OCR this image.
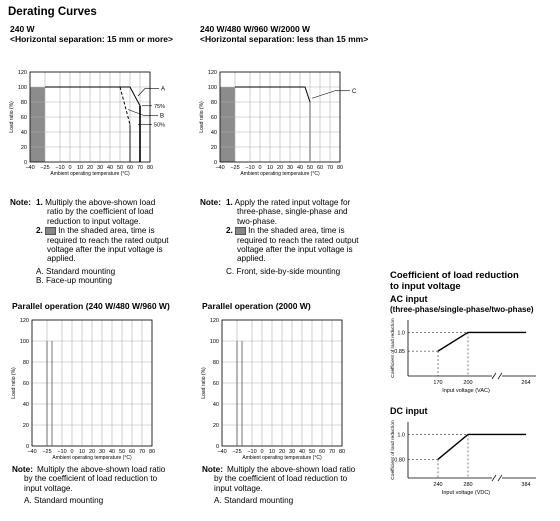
Derating Curves
240 W
<Horizontal separation: 15 mm or more>
240 W/480 W/960 W/2000 W
<Horizontal separation: less than 15 mm>
Parallel operation (240 W/480 W/960 W)	Parallel operation (2000 W)
Coefficient of load reduction
to input voltage
AC input
(three-phase/single-phase/two-phase)
DC input
0
20
40
60
80
100
120
−40 −25 −10 0 10 20 30 40 50 60 70 80
Load ratio (%)
Ambient operating temperature (°C)
A
75%
B
50%
0
20
40
60
80
100
120
−40 −25 −10 0 10 20 30 40 50 60 70 80
Load ratio (%)
Ambient operating temperature (°C)
C
0
20
40
60
80
100
120
−40 −25 −10 0 10 20 30 40 50 60 70 80
Load ratio (%)
Ambient operating temperature (°C)
0
20
40
60
80
100
120
−40 −25 −10 0 10 20 30 40 50 60 70 80
Load ratio (%)
Ambient operating temperature (°C)
0.85
1.0
170	200	264
Input voltage (VAC)
Coefficient of load reduction
0.80
1.0
240	280	384
Input voltage (VDC)
Coefficient of load reduction
Note: 1. Multiply the above-shown load
ratio by the coefficient of load
reduction to input voltage.
2. In the shaded area, time is
required to reach the rated output
voltage after the input voltage is
applied.
A. Standard mounting
B. Face-up mounting
Note: 1. Apply the rated input voltage for
three-phase, single-phase and
two-phase.
2. In the shaded area, time is
required to reach the rated output
voltage after the input voltage is
applied.
C. Front, side-by-side mounting
Note: Multiply the above-shown load ratio
by the coefficient of load reduction to
input voltage.
A. Standard mounting
Note: Multiply the above-shown load ratio
by the coefficient of load reduction to
input voltage.
A. Standard mounting
